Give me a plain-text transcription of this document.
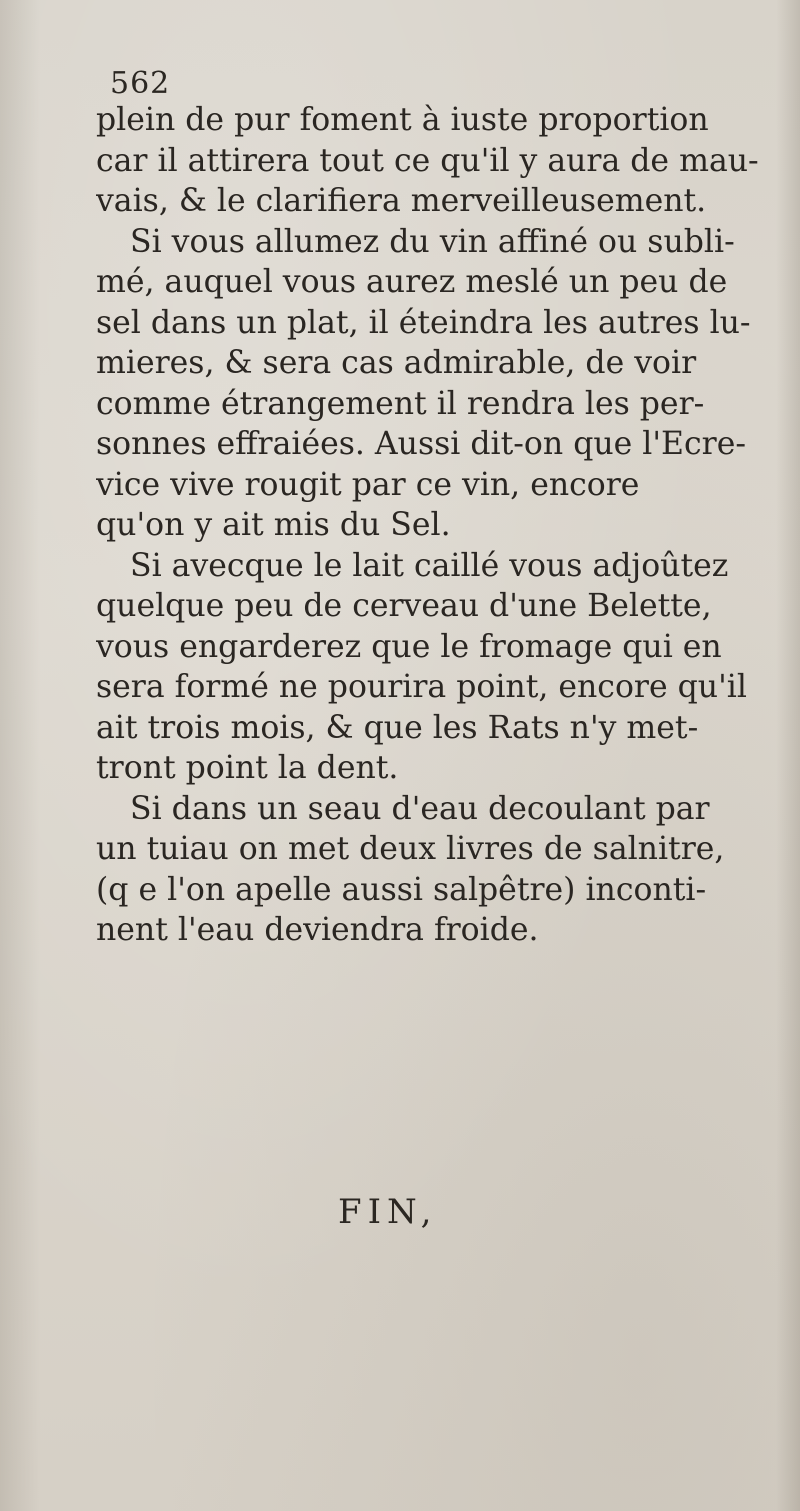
562
plein de pur foment à iuste proportion
car il attirera tout ce qu'il y aura de mau-
vais, & le clarifiera merveilleusement.
Si vous allumez du vin affiné ou subli-
mé, auquel vous aurez meslé un peu de
sel dans un plat, il éteindra les autres lu-
mieres, & sera cas admirable, de voir
comme étrangement il rendra les per-
sonnes effraiées. Aussi dit-on que l'Ecre-
vice vive rougit par ce vin, encore
qu'on y ait mis du Sel.
Si avecque le lait caillé vous adjoûtez
quelque peu de cerveau d'une Belette,
vous engarderez que le fromage qui en
sera formé ne pourira point, encore qu'il
ait trois mois, & que les Rats n'y met-
tront point la dent.
Si dans un seau d'eau decoulant par
un tuiau on met deux livres de salnitre,
(q e l'on apelle aussi salpêtre) inconti-
nent l'eau deviendra froide.
FIN,
